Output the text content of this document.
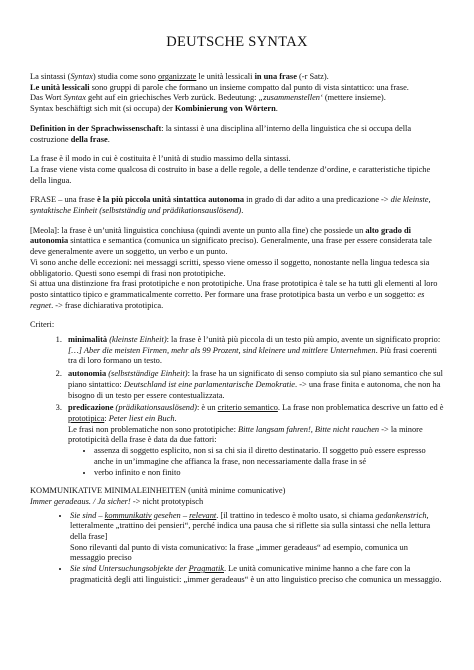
DEUTSCHE SYNTAX

La sintassi (Syntax) studia come sono organizzate le unità lessicali in una frase (-r Satz).
Le unità lessicali sono gruppi di parole che formano un insieme compatto dal punto di vista sintattico: una frase.
Das Wort Syntax geht auf ein griechisches Verb zurück. Bedeutung: „zusammenstellen‘ (mettere insieme).
Syntax beschäftigt sich mit (si occupa) der Kombinierung von Wörtern.

Definition in der Sprachwissenschaft: la sintassi è una disciplina all’interno della linguistica che si occupa della costruzione della frase.

La frase è il modo in cui è costituita è l’unità di studio massimo della sintassi.
La frase viene vista come qualcosa di costruito in base a delle regole, a delle tendenze d’ordine, e caratteristiche tipiche della lingua.

FRASE – una frase è la più piccola unità sintattica autonoma in grado di dar adito a una predicazione -> die kleinste, syntaktische Einheit (selbstständig und prädikationsauslösend).

[Meola]: la frase è un’unità linguistica conchiusa (quindi avente un punto alla fine) che possiede un alto grado di autonomia sintattica e semantica (comunica un significato preciso). Generalmente, una frase per essere considerata tale deve generalmente avere un soggetto, un verbo e un punto.
Vi sono anche delle eccezioni: nei messaggi scritti, spesso viene omesso il soggetto, nonostante nella lingua tedesca sia obbligatorio. Questi sono esempi di frasi non prototipiche.
Si attua una distinzione fra frasi prototipiche e non prototipiche. Una frase prototipica è tale se ha tutti gli elementi al loro posto sintattico tipico e grammaticalmente corretto. Per formare una frase prototipica basta un verbo e un soggetto: es regnet. -> frase dichiarativa prototipica.

Criteri:
1. minimalità (kleinste Einheit): la frase è l’unità più piccola di un testo più ampio, avente un significato proprio: […] Aber die meisten Firmen, mehr als 99 Prozent, sind kleinere und mittlere Unternehmen. Più frasi coerenti tra di loro formano un testo.
2. autonomia (selbstständige Einheit): la frase ha un significato di senso compiuto sia sul piano semantico che sul piano sintattico: Deutschland ist eine parlamentarische Demokratie. -> una frase finita e autonoma, che non ha bisogno di un testo per essere contestualizzata.
3. predicazione (prädikationsauslösend): è un criterio semantico. La frase non problematica descrive un fatto ed è prototipica: Peter liest ein Buch.
Le frasi non problematiche non sono prototipiche: Bitte langsam fahren!, Bitte nicht rauchen -> la minore prototipicità della frase è data da due fattori:
• assenza di soggetto esplicito, non si sa chi sia il diretto destinatario. Il soggetto può essere espresso anche in un’immagine che affianca la frase, non necessariamente dalla frase in sé
• verbo infinito e non finito

KOMMUNIKATIVE MINIMALEINHEITEN (unità minime comunicative)

Immer geradeaus. / Ja sicher! -> nicht prototypisch
• Sie sind – kommunikativ gesehen – relevant. [il trattino in tedesco è molto usato, si chiama gedankenstrich, letteralmente „trattino dei pensieri“, perché indica una pausa che si riflette sia sulla sintassi che nella lettura della frase]
Sono rilevanti dal punto di vista comunicativo: la frase „immer geradeaus“ ad esempio, comunica un messaggio preciso
• Sie sind Untersuchungsobjekte der Pragmatik. Le unità comunicative minime hanno a che fare con la pragmaticità degli atti linguistici: „immer geradeaus“ è un atto linguistico preciso che comunica un messaggio.
